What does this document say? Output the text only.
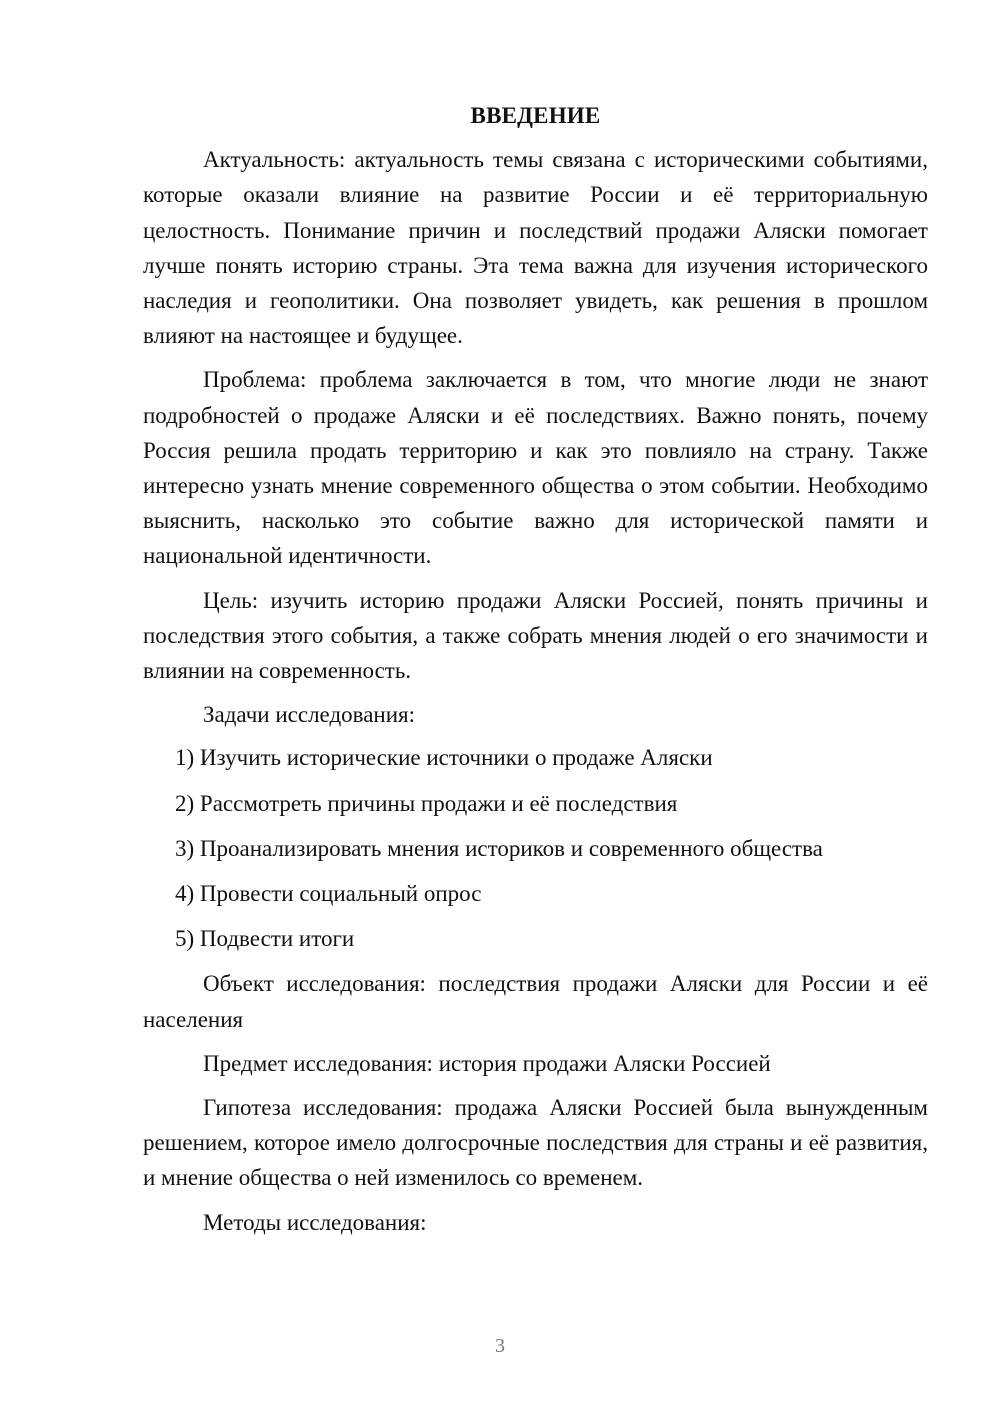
ВВЕДЕНИЕ

Актуальность: актуальность темы связана с историческими событиями, которые оказали влияние на развитие России и её территориальную целостность. Понимание причин и последствий продажи Аляски помогает лучше понять историю страны. Эта тема важна для изучения исторического наследия и геополитики. Она позволяет увидеть, как решения в прошлом влияют на настоящее и будущее.

Проблема: проблема заключается в том, что многие люди не знают подробностей о продаже Аляски и её последствиях. Важно понять, почему Россия решила продать территорию и как это повлияло на страну. Также интересно узнать мнение современного общества о этом событии. Необходимо выяснить, насколько это событие важно для исторической памяти и национальной идентичности.

Цель: изучить историю продажи Аляски Россией, понять причины и последствия этого события, а также собрать мнения людей о его значимости и влиянии на современность.

Задачи исследования:

1) Изучить исторические источники о продаже Аляски
2) Рассмотреть причины продажи и её последствия
3) Проанализировать мнения историков и современного общества
4) Провести социальный опрос
5) Подвести итоги

Объект исследования: последствия продажи Аляски для России и её населения

Предмет исследования: история продажи Аляски Россией

Гипотеза исследования: продажа Аляски Россией была вынужденным решением, которое имело долгосрочные последствия для страны и её развития, и мнение общества о ней изменилось со временем.

Методы исследования:

3
